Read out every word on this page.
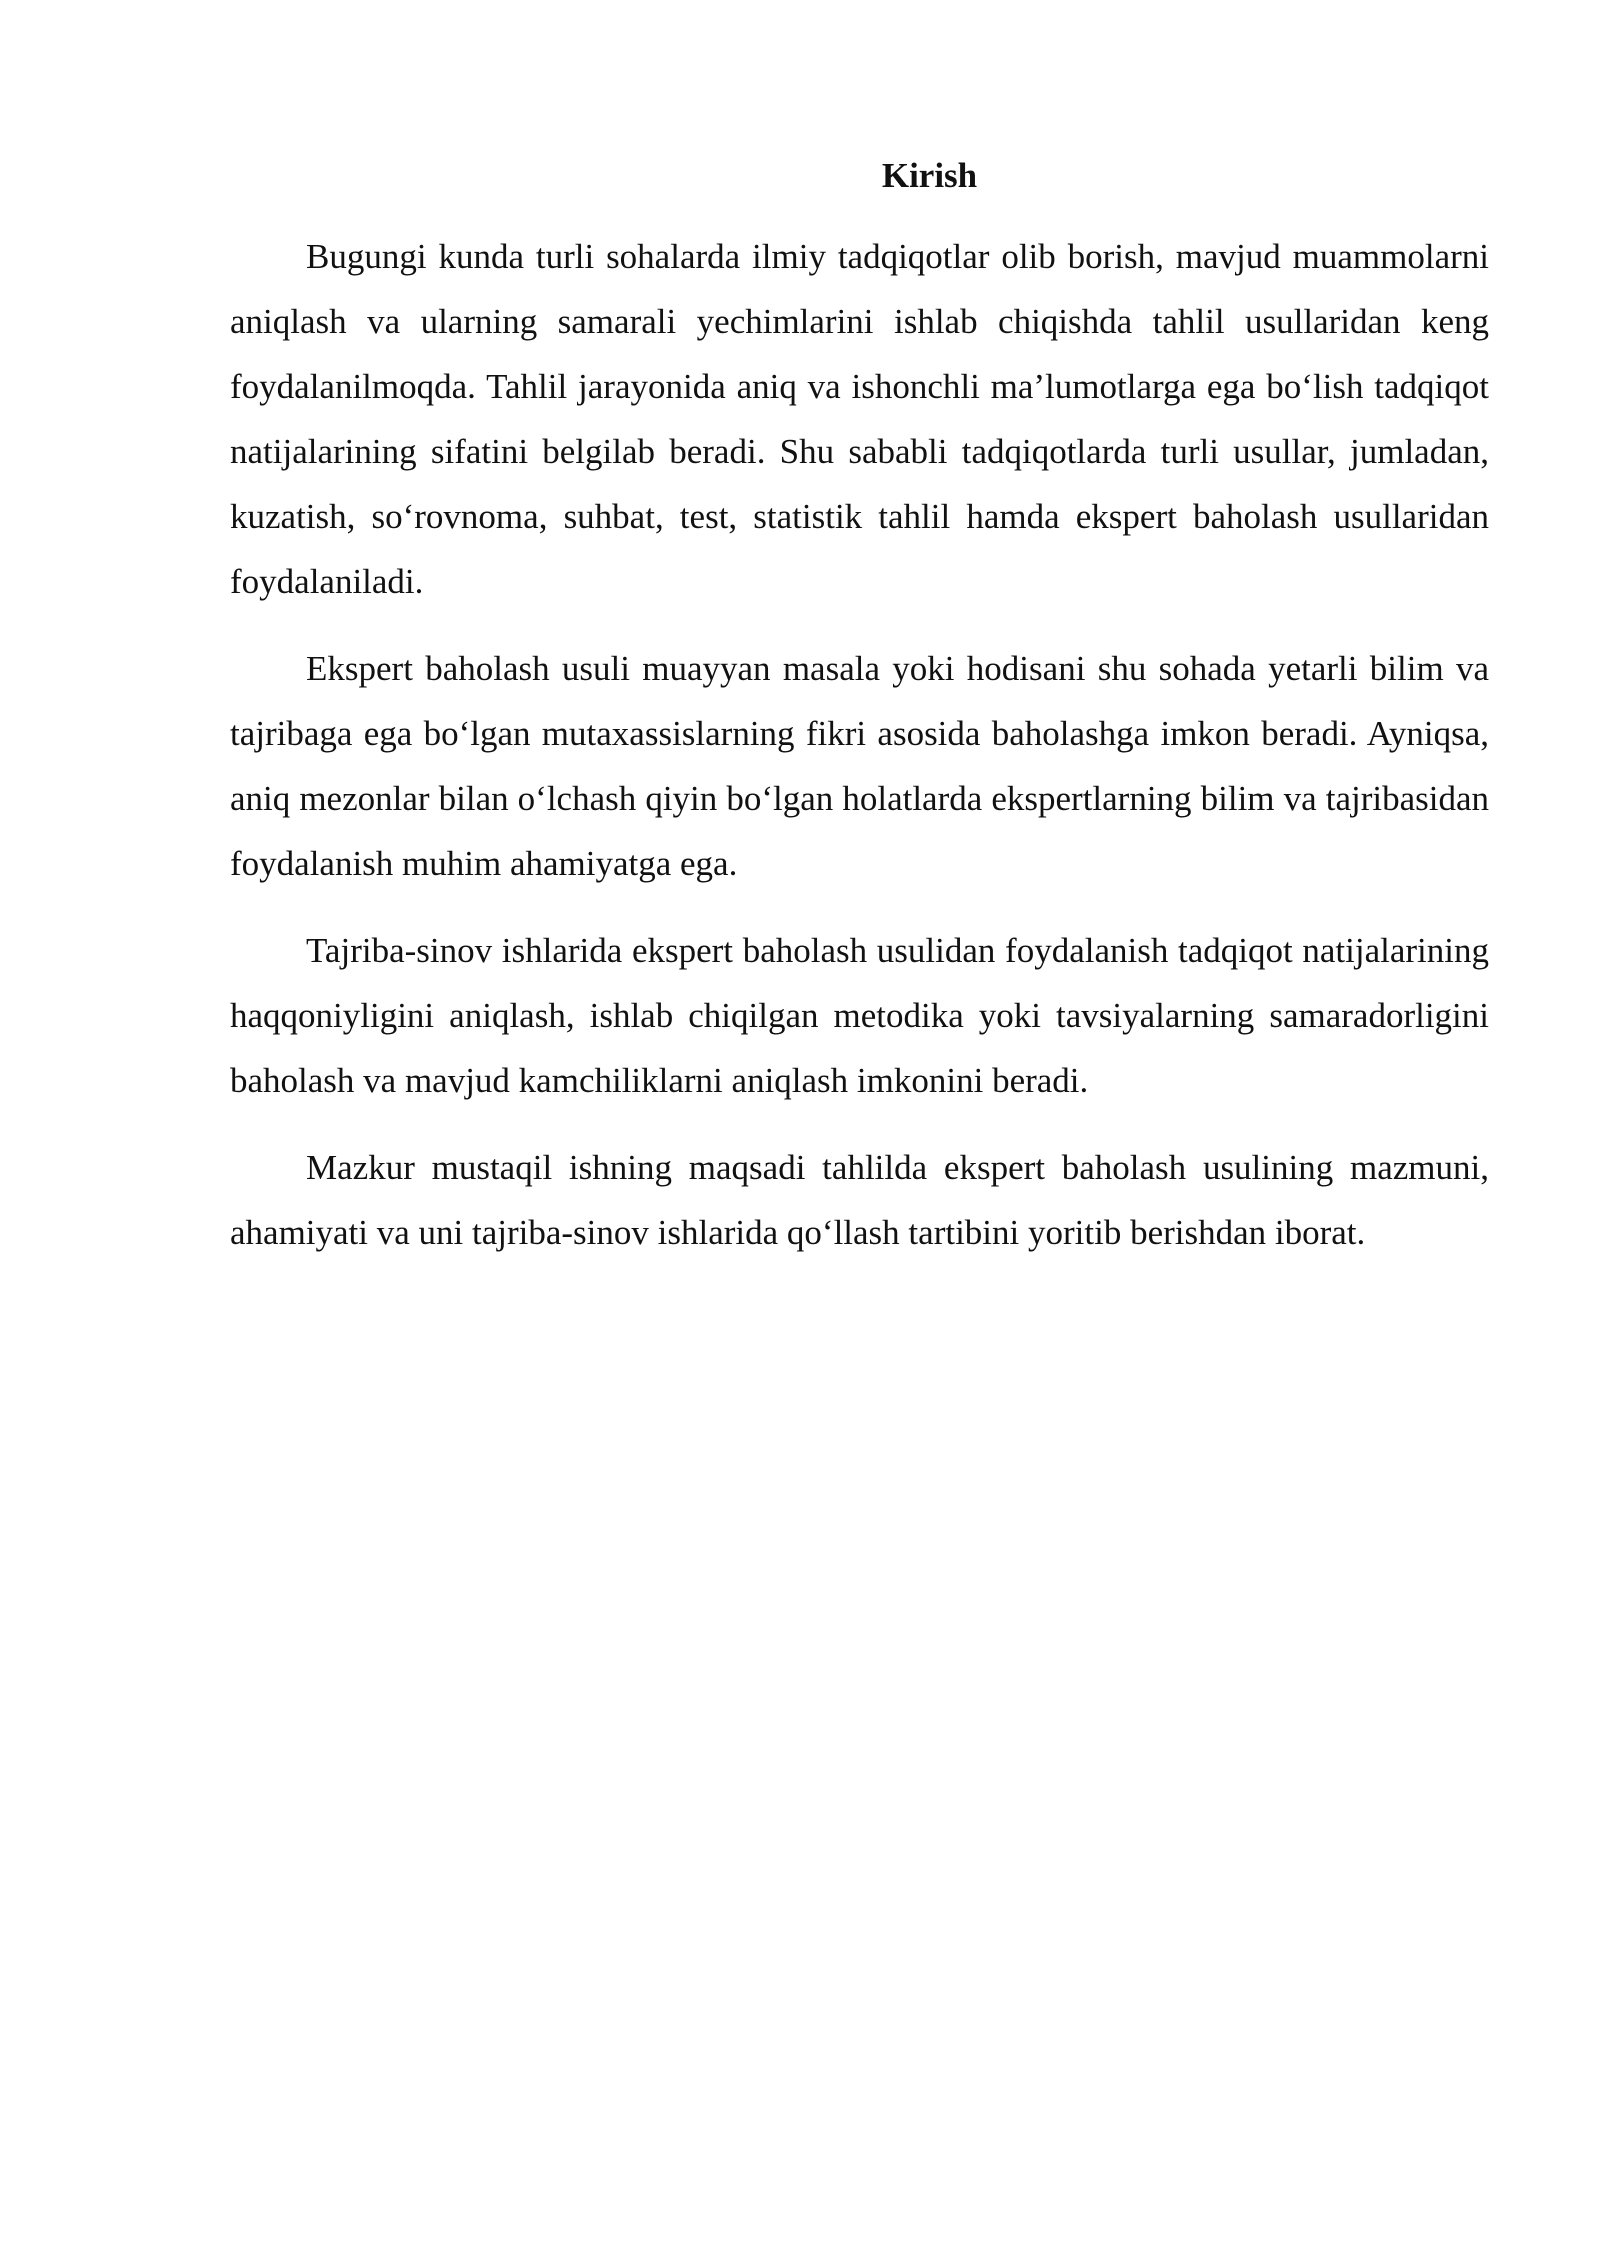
Kirish

Bugungi kunda turli sohalarda ilmiy tadqiqotlar olib borish, mavjud muammolarni aniqlash va ularning samarali yechimlarini ishlab chiqishda tahlil usullaridan keng foydalanilmoqda. Tahlil jarayonida aniq va ishonchli ma’lumotlarga ega bo‘lish tadqiqot natijalarining sifatini belgilab beradi. Shu sababli tadqiqotlarda turli usullar, jumladan, kuzatish, so‘rovnoma, suhbat, test, statistik tahlil hamda ekspert baholash usullaridan foydalaniladi.

Ekspert baholash usuli muayyan masala yoki hodisani shu sohada yetarli bilim va tajribaga ega bo‘lgan mutaxassislarning fikri asosida baholashga imkon beradi. Ayniqsa, aniq mezonlar bilan o‘lchash qiyin bo‘lgan holatlarda ekspertlarning bilim va tajribasidan foydalanish muhim ahamiyatga ega.

Tajriba-sinov ishlarida ekspert baholash usulidan foydalanish tadqiqot natijalarining haqqoniyligini aniqlash, ishlab chiqilgan metodika yoki tavsiyalarning samaradorligini baholash va mavjud kamchiliklarni aniqlash imkonini beradi.

Mazkur mustaqil ishning maqsadi tahlilda ekspert baholash usulining mazmuni, ahamiyati va uni tajriba-sinov ishlarida qo‘llash tartibini yoritib berishdan iborat.
